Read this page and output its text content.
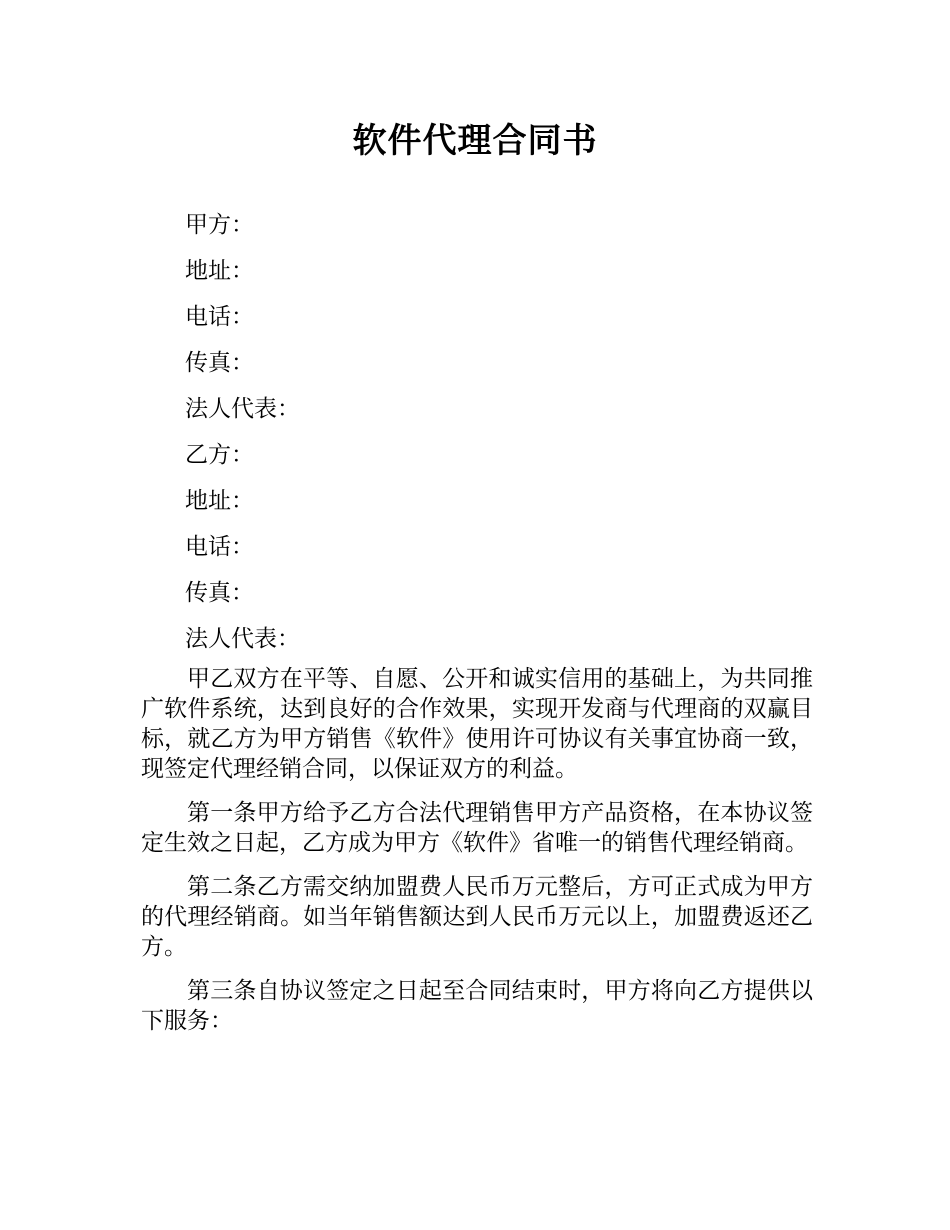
软件代理合同书
甲方：
地址：
电话：
传真：
法人代表：
乙方：
地址：
电话：
传真：
法人代表：

甲乙双方在平等、自愿、公开和诚实信用的基础上，为共同推广软件系统，达到良好的合作效果，实现开发商与代理商的双赢目标，就乙方为甲方销售《软件》使用许可协议有关事宜协商一致，现签定代理经销合同，以保证双方的利益。

第一条甲方给予乙方合法代理销售甲方产品资格，在本协议签定生效之日起，乙方成为甲方《软件》省唯一的销售代理经销商。

第二条乙方需交纳加盟费人民币万元整后，方可正式成为甲方的代理经销商。如当年销售额达到人民币万元以上，加盟费返还乙方。

第三条自协议签定之日起至合同结束时，甲方将向乙方提供以下服务：
